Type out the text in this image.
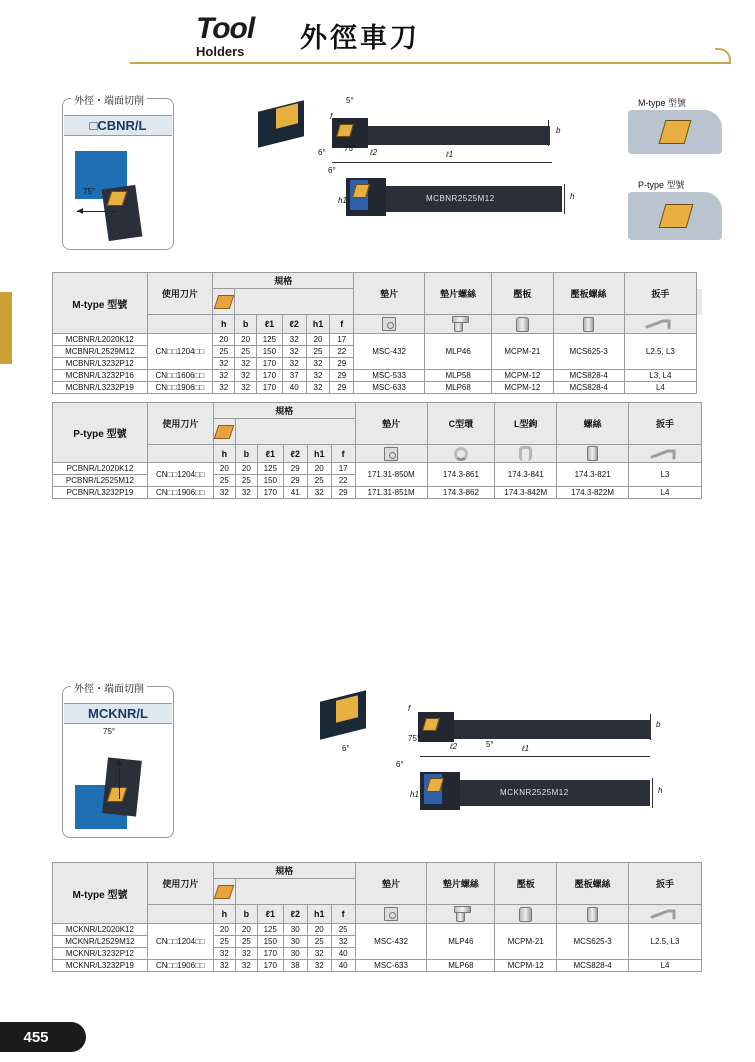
Tool
Holders 外徑車刀
外徑・端面切削
□CBNR/L
75°
5°
6° 75°
f
b
ℓ2	ℓ1
6°
h1	h
MCBNR2525M12
M-type 型號
P-type 型號
M-type 型號	使用刀片	規格						墊片	墊片螺絲	壓板	壓板螺絲	扳手	

		h	b	ℓ1	ℓ2	h1	f					

MCBNR/L2020K12	CN□□1204□□	20	20	125	32	20	17	MSC-432	MLP46	MCPM-21	MCS625-3	L2.5, L3	
MCBNR/L2529M12		25	25	150	32	25	22						
MCBNR/L3232P12		32	32	170	32	32	29						
MCBNR/L3232P16	CN□□1606□□	32	32	170	37	32	29	MSC-533	MLP58	MCPM-12	MCS828-4	L3, L4	
MCBNR/L3232P19	CN□□1906□□	32	32	170	40	32	29	MSC-633	MLP68	MCPM-12	MCS828-4	L4	
P-type 型號	使用刀片	規格						墊片	C型環	L型鉤	螺絲	扳手

		h	b	ℓ1	ℓ2	h1	f					

PCBNR/L2020K12	CN□□1204□□	20	20	125	29	20	17	171.31-850M	174.3-861	174.3-841	174.3-821	L3
PCBNR/L2525M12		25	25	150	29	25	22					
PCBNR/L3232P19	CN□□1906□□	32	32	170	41	32	29	171.31-851M	174.3-862	174.3-842M	174.3-822M	L4
外徑・端面切削
MCKNR/L
75°
75°
6°	5°
f
b
ℓ2	ℓ1
6°
h1	h
MCKNR2525M12
M-type 型號	使用刀片	規格						墊片	墊片螺絲	壓板	壓板螺絲	扳手

		h	b	ℓ1	ℓ2	h1	f					

MCKNR/L2020K12	CN□□1204□□	20	20	125	30	20	25	MSC-432	MLP46	MCPM-21	MCS625-3	L2.5, L3
MCKNR/L2529M12		25	25	150	30	25	32					
MCKNR/L3232P12		32	32	170	30	32	40					
MCKNR/L3232P19	CN□□1906□□	32	32	170	38	32	40	MSC-633	MLP68	MCPM-12	MCS828-4	L4
455
